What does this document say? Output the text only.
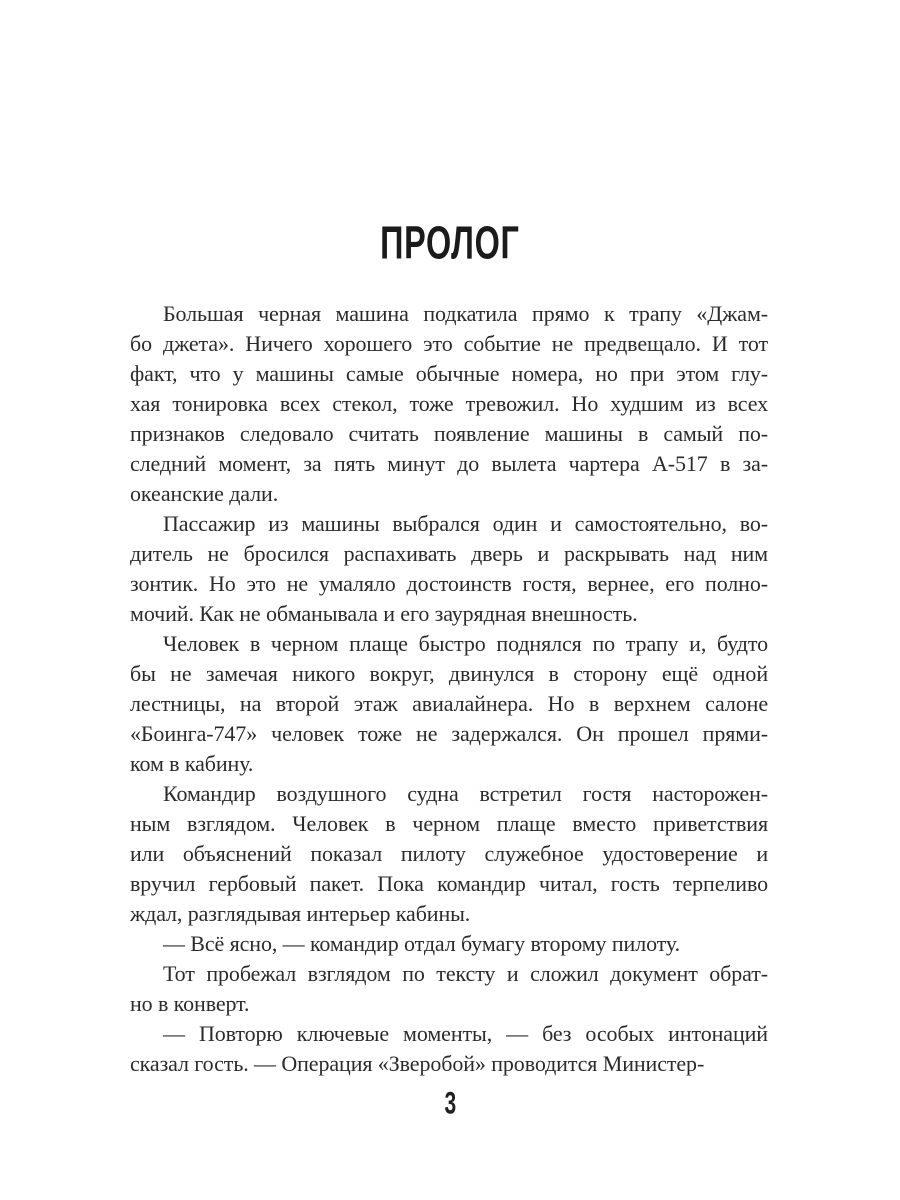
ПРОЛОГ

Большая черная машина подкатила прямо к трапу «Джам-
бо джета». Ничего хорошего это событие не предвещало. И тот
факт, что у машины самые обычные номера, но при этом глу-
хая тонировка всех стекол, тоже тревожил. Но худшим из всех
признаков следовало считать появление машины в самый по-
следний момент, за пять минут до вылета чартера А-517 в за-
океанские дали.

Пассажир из машины выбрался один и самостоятельно, во-
дитель не бросился распахивать дверь и раскрывать над ним
зонтик. Но это не умаляло достоинств гостя, вернее, его полно-
мочий. Как не обманывала и его заурядная внешность.

Человек в черном плаще быстро поднялся по трапу и, будто
бы не замечая никого вокруг, двинулся в сторону ещё одной
лестницы, на второй этаж авиалайнера. Но в верхнем салоне
«Боинга-747» человек тоже не задержался. Он прошел прями-
ком в кабину.

Командир воздушного судна встретил гостя насторожен-
ным взглядом. Человек в черном плаще вместо приветствия
или объяснений показал пилоту служебное удостоверение и
вручил гербовый пакет. Пока командир читал, гость терпеливо
ждал, разглядывая интерьер кабины.

— Всё ясно, — командир отдал бумагу второму пилоту.

Тот пробежал взглядом по тексту и сложил документ обрат-
но в конверт.

— Повторю ключевые моменты, — без особых интонаций
сказал гость. — Операция «Зверобой» проводится Министер-

3
